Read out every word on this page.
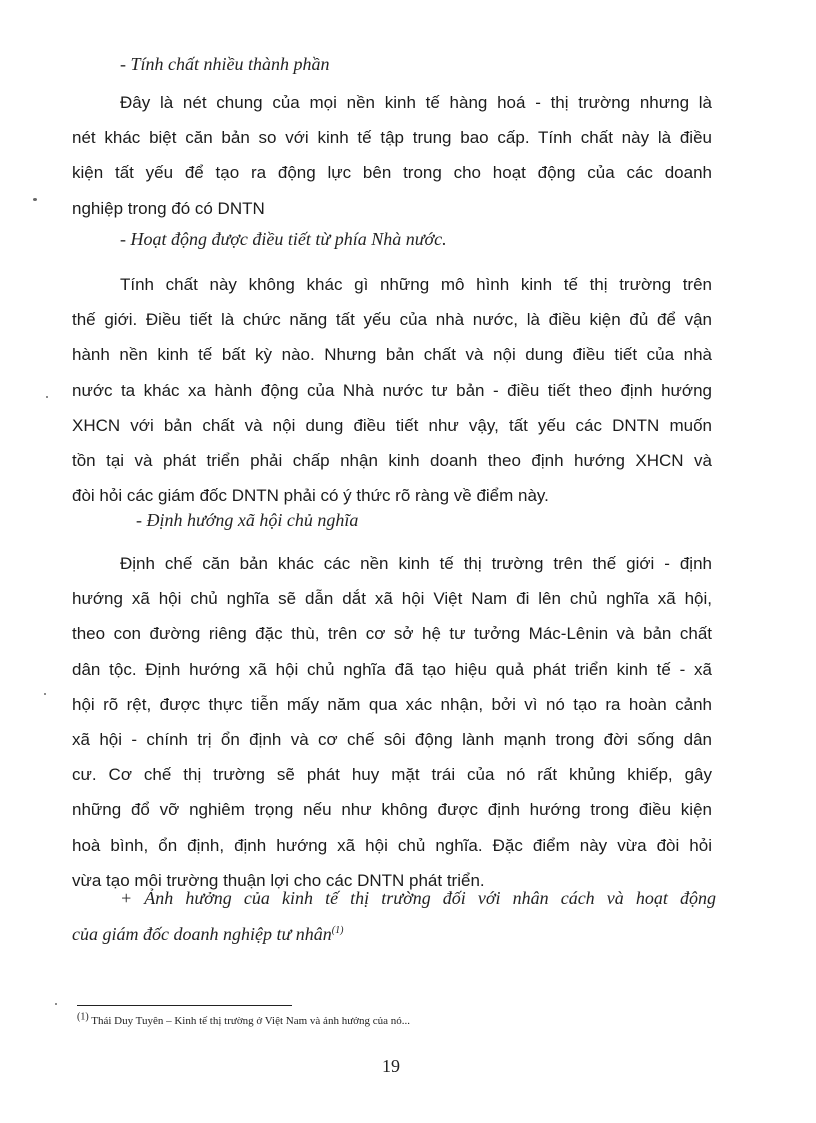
- Tính chất nhiều thành phần
Đây là nét chung của mọi nền kinh tế hàng hoá - thị trường nhưng là
nét khác biệt căn bản so với kinh tế tập trung bao cấp. Tính chất này là điều
kiện tất yếu để tạo ra động lực bên trong cho hoạt động của các doanh
nghiệp trong đó có DNTN
- Hoạt động được điều tiết từ phía Nhà nước.
Tính chất này không khác gì những mô hình kinh tế thị trường trên
thế giới. Điều tiết là chức năng tất yếu của nhà nước, là điều kiện đủ để vận
hành nền kinh tế bất kỳ nào. Nhưng bản chất và nội dung điều tiết của nhà
nước ta khác xa hành động của Nhà nước tư bản - điều tiết theo định hướng
XHCN với bản chất và nội dung điều tiết như vậy, tất yếu các DNTN muốn
tồn tại và phát triển phải chấp nhận kinh doanh theo định hướng XHCN và
đòi hỏi các giám đốc DNTN phải có ý thức rõ ràng về điểm này.
- Định hướng xã hội chủ nghĩa
Định chế căn bản khác các nền kinh tế thị trường trên thế giới - định
hướng xã hội chủ nghĩa sẽ dẫn dắt xã hội Việt Nam đi lên chủ nghĩa xã hội,
theo con đường riêng đặc thù, trên cơ sở hệ tư tưởng Mác-Lênin và bản chất
dân tộc. Định hướng xã hội chủ nghĩa đã tạo hiệu quả phát triển kinh tế - xã
hội rõ rệt, được thực tiễn mấy năm qua xác nhận, bởi vì nó tạo ra hoàn cảnh
xã hội - chính trị ổn định và cơ chế sôi động lành mạnh trong đời sống dân
cư. Cơ chế thị trường sẽ phát huy mặt trái của nó rất khủng khiếp, gây
những đổ vỡ nghiêm trọng nếu như không được định hướng trong điều kiện
hoà bình, ổn định, định hướng xã hội chủ nghĩa. Đặc điểm này vừa đòi hỏi
vừa tạo môi trường thuận lợi cho các DNTN phát triển.
+ Ảnh hưởng của kinh tế thị trường đối với nhân cách và hoạt động
của giám đốc doanh nghiệp tư nhân$^{(1)}$
$^{(1)}$ Thái Duy Tuyên – Kinh tế thị trường ở Việt Nam và ảnh hưởng của nó...
19
